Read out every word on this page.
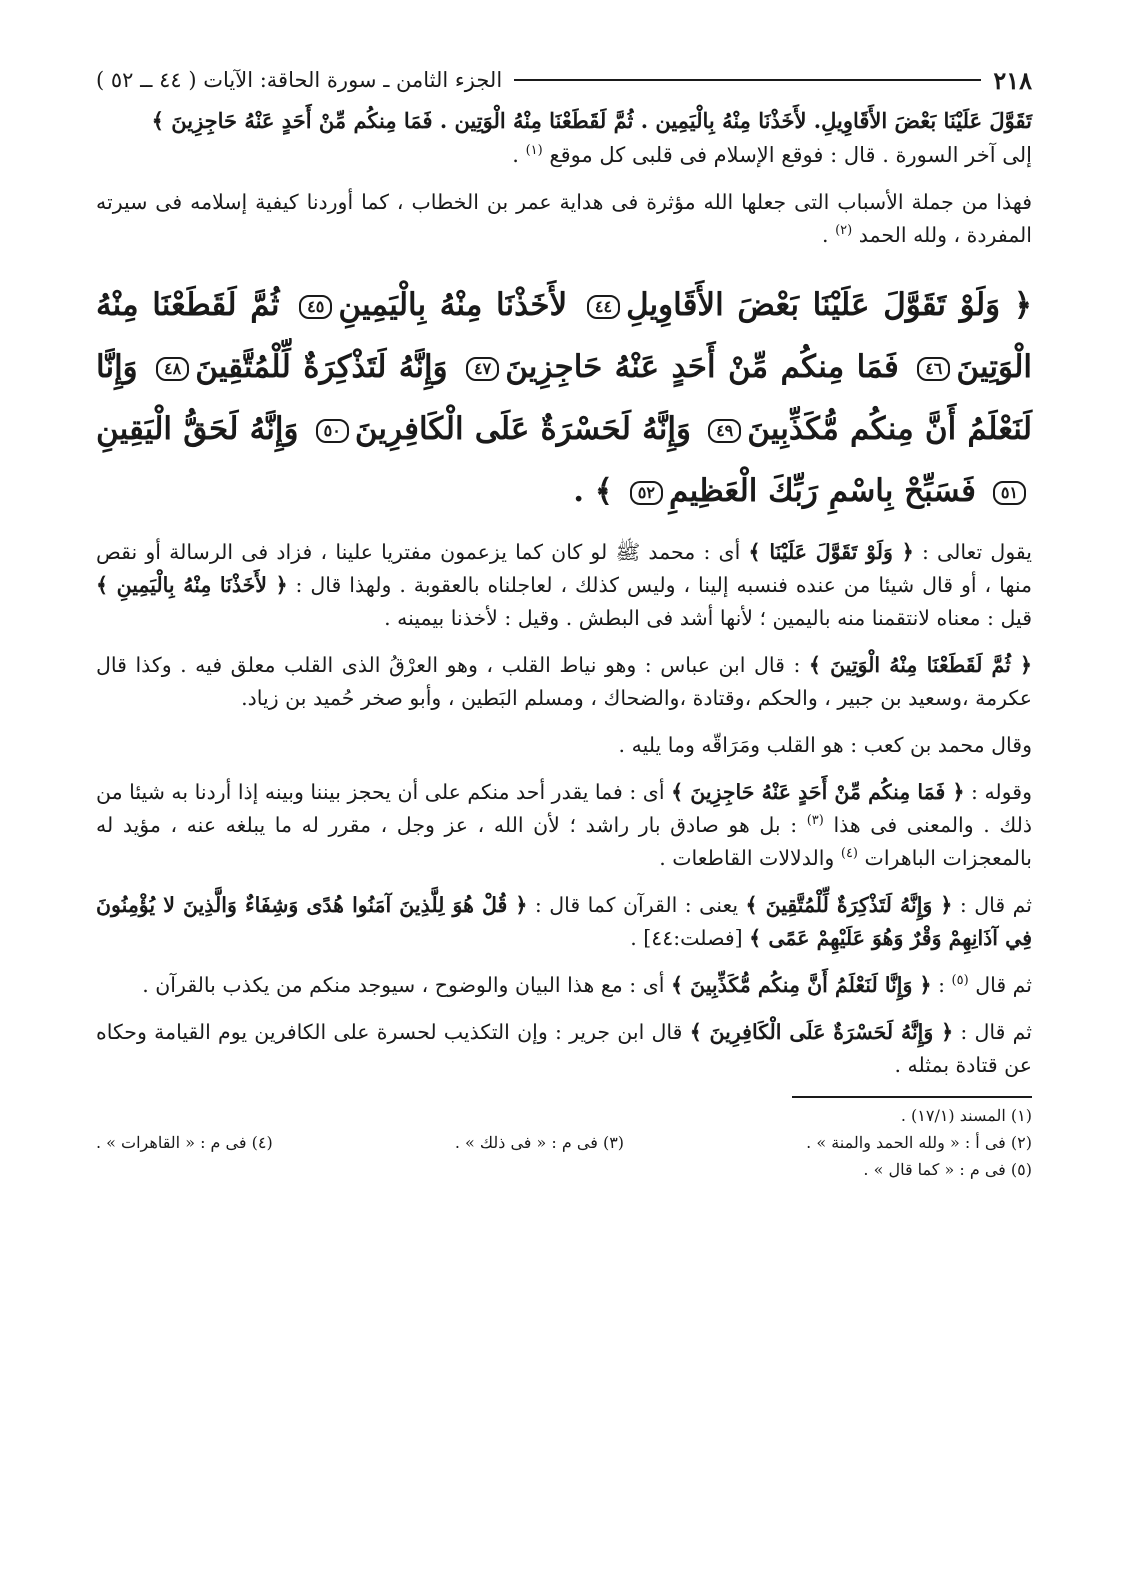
٢١٨
الجزء الثامن ـ سورة الحاقة: الآيات ( ٤٤ ــ ٥٢ )

تَقَوَّلَ عَلَيْنَا بَعْضَ الأَقَاوِيلِ. لأَخَذْنَا مِنْهُ بِالْيَمِين . ثُمَّ لَقَطَعْنَا مِنْهُ الْوَتِين . فَمَا مِنكُم مِّنْ أَحَدٍ عَنْهُ حَاجِزِينَ ﴾

إلى آخر السورة . قال : فوقع الإسلام فى قلبى كل موقع $^{(١)}$ .

فهذا من جملة الأسباب التى جعلها الله مؤثرة فى هداية عمر بن الخطاب ، كما أوردنا كيفية إسلامه فى سيرته المفردة ، ولله الحمد $^{(٢)}$ .

﴿ وَلَوْ تَقَوَّلَ عَلَيْنَا بَعْضَ الأَقَاوِيلِ٤٤ لأَخَذْنَا مِنْهُ بِالْيَمِينِ٤٥ ثُمَّ لَقَطَعْنَا مِنْهُ الْوَتِينَ٤٦ فَمَا مِنكُم مِّنْ أَحَدٍ عَنْهُ حَاجِزِينَ٤٧ وَإِنَّهُ لَتَذْكِرَةٌ لِّلْمُتَّقِينَ٤٨ وَإِنَّا لَنَعْلَمُ أَنَّ مِنكُم مُّكَذِّبِينَ٤٩ وَإِنَّهُ لَحَسْرَةٌ عَلَى الْكَافِرِينَ٥٠ وَإِنَّهُ لَحَقُّ الْيَقِينِ٥١ فَسَبِّحْ بِاسْمِ رَبِّكَ الْعَظِيمِ٥٢ ﴾ .

يقول تعالى : ﴿ وَلَوْ تَقَوَّلَ عَلَيْنَا ﴾ أى : محمد ﷺ لو كان كما يزعمون مفتريا علينا ، فزاد فى الرسالة أو نقص منها ، أو قال شيئا من عنده فنسبه إلينا ، وليس كذلك ، لعاجلناه بالعقوبة . ولهذا قال : ﴿ لأَخَذْنَا مِنْهُ بِالْيَمِينِ ﴾ قيل : معناه لانتقمنا منه باليمين ؛ لأنها أشد فى البطش . وقيل : لأخذنا بيمينه .

﴿ ثُمَّ لَقَطَعْنَا مِنْهُ الْوَتِينَ ﴾ : قال ابن عباس : وهو نياط القلب ، وهو العرْقُ الذى القلب معلق فيه . وكذا قال عكرمة ،وسعيد بن جبير ، والحكم ،وقتادة ،والضحاك ، ومسلم البَطين ، وأبو صخر حُميد بن زياد.

وقال محمد بن كعب : هو القلب ومَرَاقّه وما يليه .

وقوله : ﴿ فَمَا مِنكُم مِّنْ أَحَدٍ عَنْهُ حَاجِزِينَ ﴾ أى : فما يقدر أحد منكم على أن يحجز بيننا وبينه إذا أردنا به شيئا من ذلك . والمعنى فى هذا $^{(٣)}$ : بل هو صادق بار راشد ؛ لأن الله ، عز وجل ، مقرر له ما يبلغه عنه ، مؤيد له بالمعجزات الباهرات $^{(٤)}$ والدلالات القاطعات .

ثم قال : ﴿ وَإِنَّهُ لَتَذْكِرَةٌ لِّلْمُتَّقِينَ ﴾ يعنى : القرآن كما قال : ﴿ قُلْ هُوَ لِلَّذِينَ آمَنُوا هُدًى وَشِفَاءٌ وَالَّذِينَ لا يُؤْمِنُونَ فِي آذَانِهِمْ وَقْرٌ وَهُوَ عَلَيْهِمْ عَمًى ﴾ [فصلت:٤٤] .

ثم قال $^{(٥)}$ : ﴿ وَإِنَّا لَنَعْلَمُ أَنَّ مِنكُم مُّكَذِّبِينَ ﴾ أى : مع هذا البيان والوضوح ، سيوجد منكم من يكذب بالقرآن .

ثم قال : ﴿ وَإِنَّهُ لَحَسْرَةٌ عَلَى الْكَافِرِينَ ﴾ قال ابن جرير : وإن التكذيب لحسرة على الكافرين يوم القيامة وحكاه عن قتادة بمثله .

(١) المسند (١٧/١) .
(٢) فى أ : « ولله الحمد والمنة » .
(٣) فى م : « فى ذلك » .
(٤) فى م : « القاهرات » .
(٥) فى م : « كما قال » .
